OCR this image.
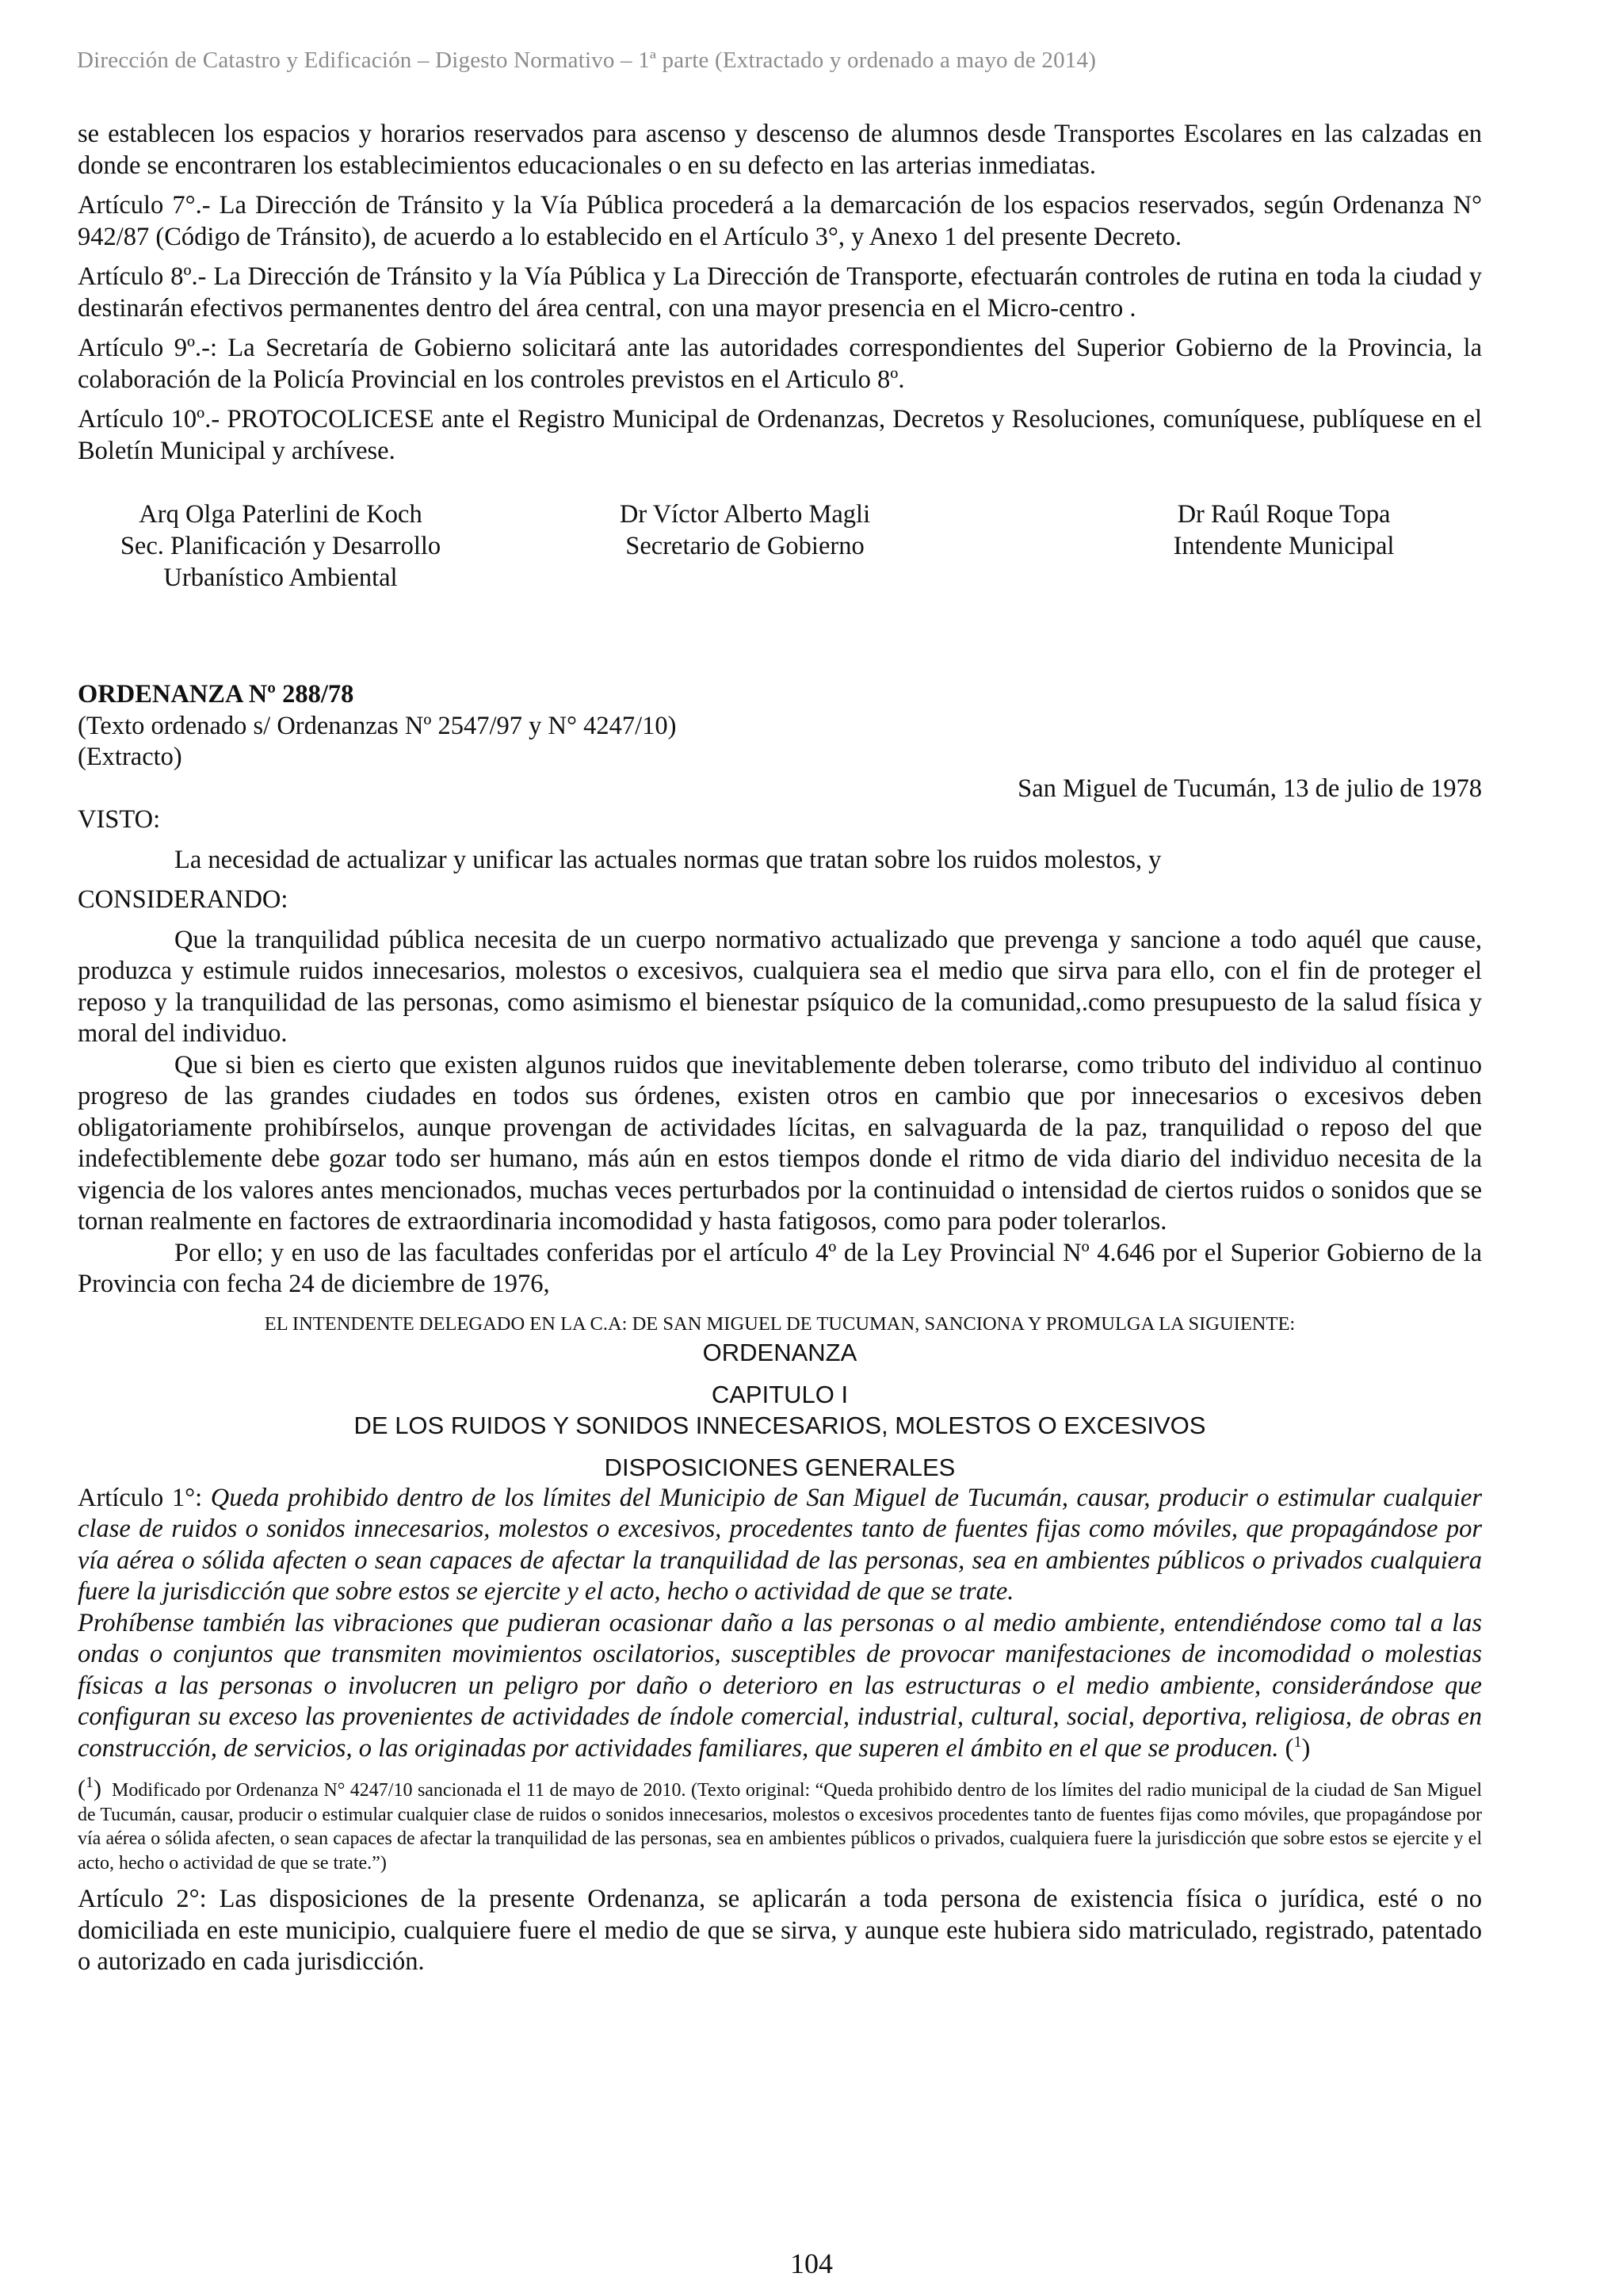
Dirección de Catastro y Edificación – Digesto Normativo – 1ª parte (Extractado y ordenado a mayo de 2014)

se establecen los espacios y horarios reservados para ascenso y descenso de alumnos desde Transportes Escolares en las calzadas en donde se encontraren los establecimientos educacionales o en su defecto en las arterias inmediatas.

Artículo 7°.- La Dirección de Tránsito y la Vía Pública procederá a la demarcación de los espacios reservados, según Ordenanza N° 942/87 (Código de Tránsito), de acuerdo a lo establecido en el Artículo 3°, y Anexo 1 del presente Decreto.

Artículo 8º.- La Dirección de Tránsito y la Vía Pública y La Dirección de Transporte, efectuarán controles de rutina en toda la ciudad y destinarán efectivos permanentes dentro del área central, con una mayor presencia en el Micro-centro .

Artículo 9º.-: La Secretaría de Gobierno solicitará ante las autoridades correspondientes del Superior Gobierno de la Provincia, la colaboración de la Policía Provincial en los controles previstos en el Articulo 8º.

Artículo 10º.- PROTOCOLICESE ante el Registro Municipal de Ordenanzas, Decretos y Resoluciones, comuníquese, publíquese en el Boletín Municipal y archívese.

Arq Olga Paterlini de Koch
Sec. Planificación y Desarrollo
Urbanístico Ambiental
Dr Víctor Alberto Magli
Secretario de Gobierno
Dr Raúl Roque Topa
Intendente Municipal

ORDENANZA Nº 288/78

(Texto ordenado s/ Ordenanzas Nº 2547/97 y N° 4247/10)

(Extracto)

San Miguel de Tucumán, 13 de julio de 1978

VISTO:

La necesidad de actualizar y unificar las actuales normas que tratan sobre los ruidos molestos, y

CONSIDERANDO:

Que la tranquilidad pública necesita de un cuerpo normativo actualizado que prevenga y sancione a todo aquél que cause, produzca y estimule ruidos innecesarios, molestos o excesivos, cualquiera sea el medio que sirva para ello, con el fin de proteger el reposo y la tranquilidad de las personas, como asimismo el bienestar psíquico de la comunidad,.como presupuesto de la salud física y moral del individuo.

Que si bien es cierto que existen algunos ruidos que inevitablemente deben tolerarse, como tributo del individuo al continuo progreso de las grandes ciudades en todos sus órdenes, existen otros en cambio que por innecesarios o excesivos deben obligatoriamente prohibírselos, aunque provengan de actividades lícitas, en salvaguarda de la paz, tranquilidad o reposo del que indefectiblemente debe gozar todo ser humano, más aún en estos tiempos donde el ritmo de vida diario del individuo necesita de la vigencia de los valores antes mencionados, muchas veces perturbados por la continuidad o intensidad de ciertos ruidos o sonidos que se tornan realmente en factores de extraordinaria incomodidad y hasta fatigosos, como para poder tolerarlos.

Por ello; y en uso de las facultades conferidas por el artículo 4º de la Ley Provincial Nº 4.646 por el Superior Gobierno de la Provincia con fecha 24 de diciembre de 1976,

EL INTENDENTE DELEGADO EN LA C.A: DE SAN MIGUEL DE TUCUMAN, SANCIONA Y PROMULGA LA SIGUIENTE:

ORDENANZA

CAPITULO I

DE LOS RUIDOS Y SONIDOS INNECESARIOS, MOLESTOS O EXCESIVOS

DISPOSICIONES GENERALES

Artículo 1°: Queda prohibido dentro de los límites del Municipio de San Miguel de Tucumán, causar, producir o estimular cualquier clase de ruidos o sonidos innecesarios, molestos o excesivos, procedentes tanto de fuentes fijas como móviles, que propagándose por vía aérea o sólida afecten o sean capaces de afectar la tranquilidad de las personas, sea en ambientes públicos o privados cualquiera fuere la jurisdicción que sobre estos se ejercite y el acto, hecho o actividad de que se trate.

Prohíbense también las vibraciones que pudieran ocasionar daño a las personas o al medio ambiente, entendiéndose como tal a las ondas o conjuntos que transmiten movimientos oscilatorios, susceptibles de provocar manifestaciones de incomodidad o molestias físicas a las personas o involucren un peligro por daño o deterioro en las estructuras o el medio ambiente, considerándose que configuran su exceso las provenientes de actividades de índole comercial, industrial, cultural, social, deportiva, religiosa, de obras en construcción, de servicios, o las originadas por actividades familiares, que superen el ámbito en el que se producen. ($^1$)

($^1$) Modificado por Ordenanza N° 4247/10 sancionada el 11 de mayo de 2010. (Texto original: “Queda prohibido dentro de los límites del radio municipal de la ciudad de San Miguel de Tucumán, causar, producir o estimular cualquier clase de ruidos o sonidos innecesarios, molestos o excesivos procedentes tanto de fuentes fijas como móviles, que propagándose por vía aérea o sólida afecten, o sean capaces de afectar la tranquilidad de las personas, sea en ambientes públicos o privados, cualquiera fuere la jurisdicción que sobre estos se ejercite y el acto, hecho o actividad de que se trate.”)

Artículo 2°: Las disposiciones de la presente Ordenanza, se aplicarán a toda persona de existencia física o jurídica, esté o no domiciliada en este municipio, cualquiere fuere el medio de que se sirva, y aunque este hubiera sido matriculado, registrado, patentado o autorizado en cada jurisdicción.

104
